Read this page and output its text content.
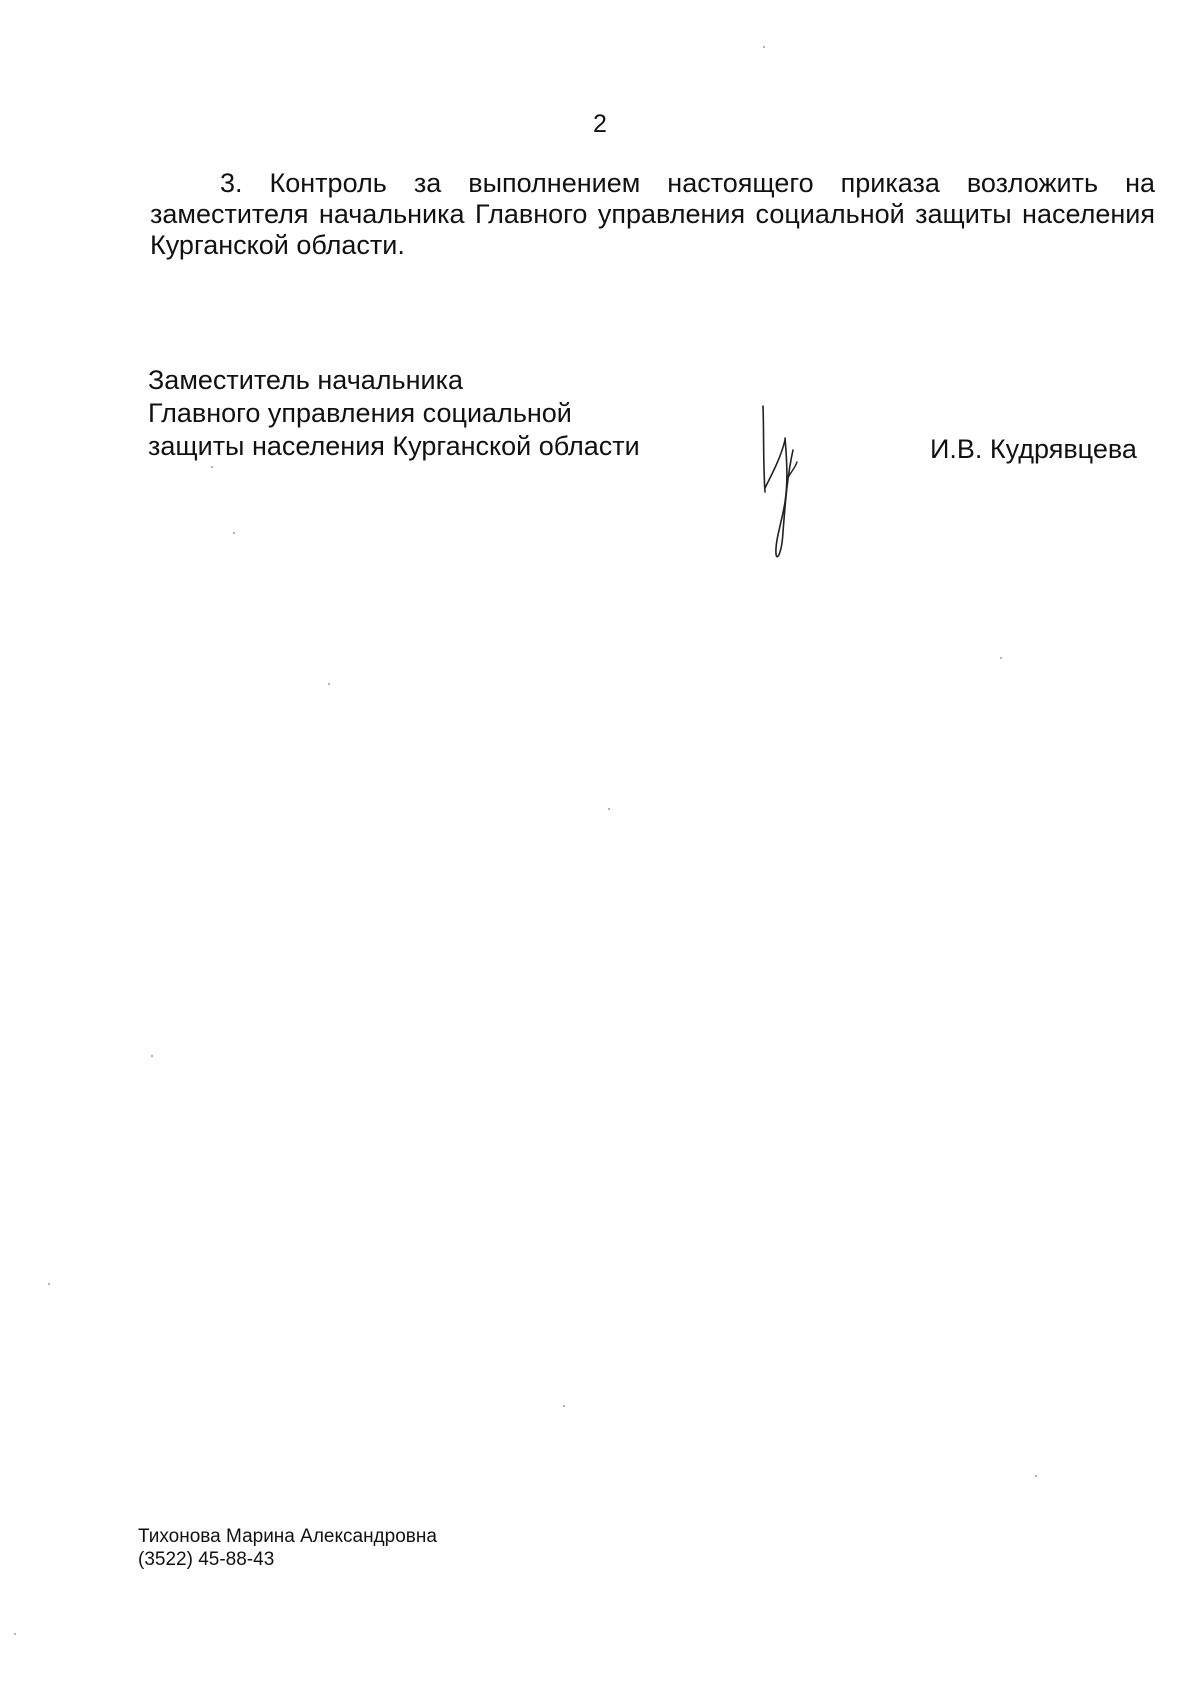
2

3. Контроль за выполнением настоящего приказа возложить на заместителя начальника Главного управления социальной защиты населения Курганской области.

Заместитель начальника
Главного управления социальной
защиты населения Курганской области	И.В. Кудрявцева
Тихонова Марина Александровна
(3522) 45-88-43
